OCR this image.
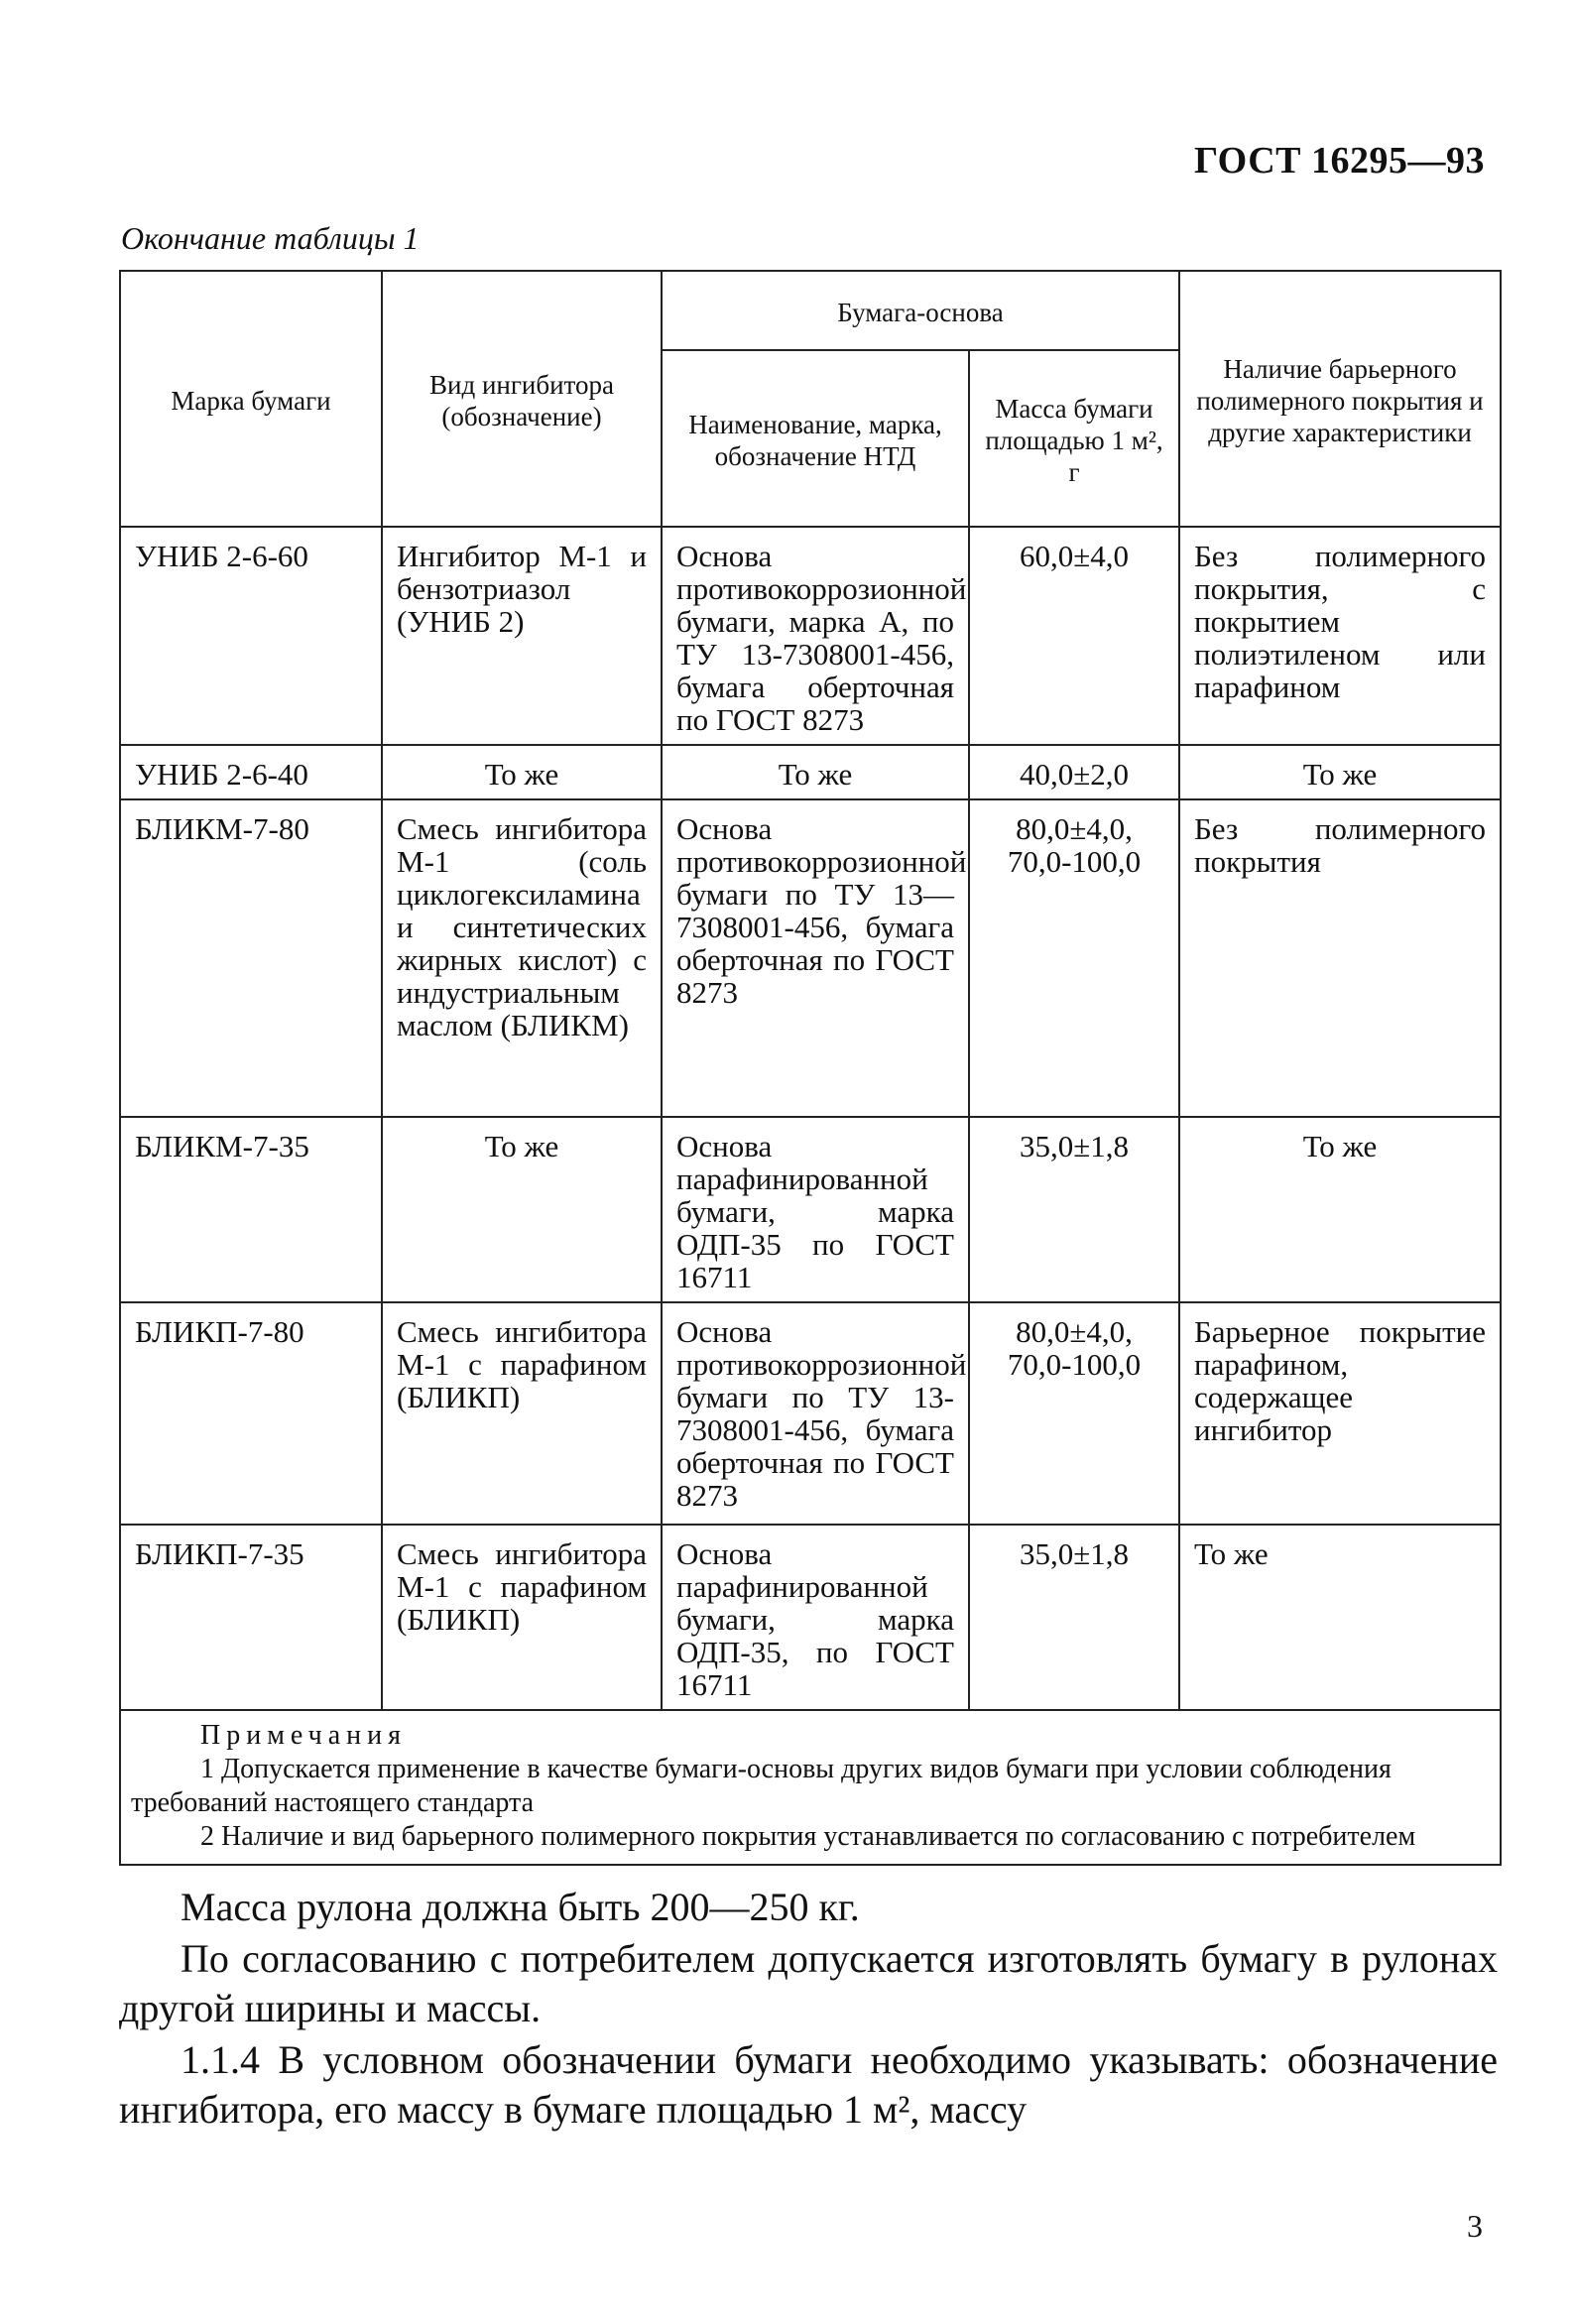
ГОСТ 16295—93
Окончание таблицы 1
Марка бумаги	Вид ингибитора (обозначение)	Бумага-основа		Наличие барьерного полимерного покрытия и другие характеристики
		Наименование, марка, обозначение НТД	Масса бумаги площадью 1 м², г	
УНИБ 2-6-60	Ингибитор М-1 и бензотриазол (УНИБ 2)	Основа противокоррозионной бумаги, марка А, по ТУ 13-7308001-456, бумага оберточная по ГОСТ 8273	60,0±4,0	Без полимерного покрытия, с покрытием полиэтиленом или парафином
УНИБ 2-6-40	То же	То же	40,0±2,0	То же
БЛИКМ-7-80	Смесь ингибитора М-1 (соль циклогексиламина и синтетических жирных кислот) с индустриальным маслом (БЛИКМ)	Основа противокоррозионной бумаги по ТУ 13—7308001-456, бумага оберточная по ГОСТ 8273	80,0±4,0, 70,0-100,0	Без полимерного покрытия
БЛИКМ-7-35	То же	Основа парафинированной бумаги, марка ОДП-35 по ГОСТ 16711	35,0±1,8	То же
БЛИКП-7-80	Смесь ингибитора М-1 с парафином (БЛИКП)	Основа противокоррозионной бумаги по ТУ 13-7308001-456, бумага оберточная по ГОСТ 8273	80,0±4,0, 70,0-100,0	Барьерное покрытие парафином, содержащее ингибитор
БЛИКП-7-35	Смесь ингибитора М-1 с парафином (БЛИКП)	Основа парафинированной бумаги, марка ОДП-35, по ГОСТ 16711	35,0±1,8	То же

Примечания
1 Допускается применение в качестве бумаги-основы других видов бумаги при условии соблюдения требований настоящего стандарта
2 Наличие и вид барьерного полимерного покрытия устанавливается по согласованию с потребителем				
Масса рулона должна быть 200—250 кг.
По согласованию с потребителем допускается изготовлять бумагу в рулонах другой ширины и массы.
1.1.4 В условном обозначении бумаги необходимо указывать: обозначение ингибитора, его массу в бумаге площадью 1 м², массу
3
